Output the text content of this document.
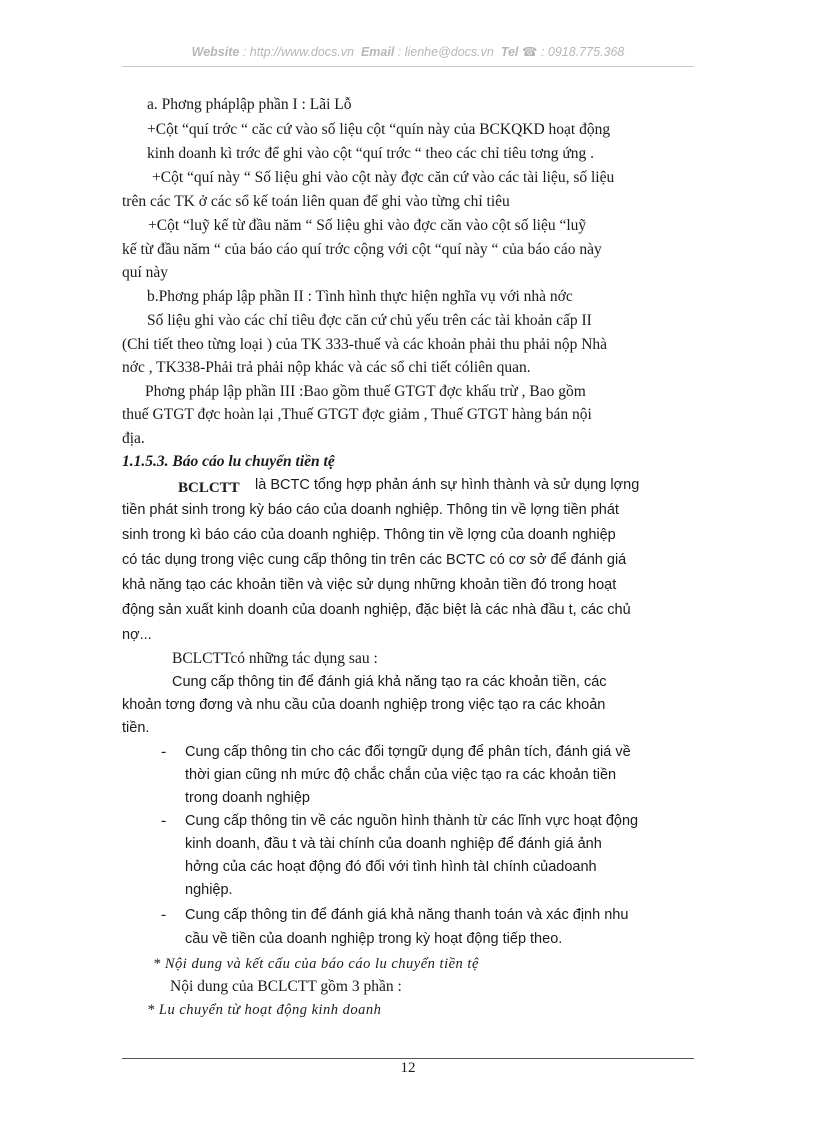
Website : http://www.docs.vn Email : lienhe@docs.vn Tel ☎ : 0918.775.368
a. Phơng pháplập phần I : Lãi Lỗ
+Cột “quí trớc “ căc cứ vào số liệu cột “quín này của BCKQKD hoạt động
kinh doanh kì trớc để ghi vào cột “quí trớc “ theo các chỉ tiêu tơng ứng .
+Cột “quí này “ Số liệu ghi vào cột này đợc căn cứ vào các tài liệu, số liệu
trên các TK ở các sổ kế toán liên quan để ghi vào từng chỉ tiêu
+Cột “luỹ kế từ đầu năm “ Số liệu ghi vào đợc căn vào cột số liệu “luỹ
kế từ đầu năm “ của báo cáo quí trớc cộng với cột “quí này “ của báo cáo này
quí này
b.Phơng pháp lập phần II : Tình hình thực hiện nghĩa vụ với nhà nớc
Số liệu ghi vào các chỉ tiêu đợc căn cứ chủ yếu trên các tài khoản cấp II
(Chi tiết theo từng loại ) của TK 333-thuế và các khoản phải thu phải nộp Nhà
nớc , TK338-Phải trả phải nộp khác và các sổ chi tiết cóliên quan.
Phơng pháp lập phần III :Bao gồm thuế GTGT đợc khấu trừ , Bao gồm
thuế GTGT đợc hoàn lại ,Thuế GTGT đợc giảm , Thuế GTGT hàng bán nội
địa.
1.1.5.3. Báo cáo lu chuyển tiền tệ
BCLCTT là BCTC tổng hợp phản ánh sự hình thành và sử dụng lợng
tiền phát sinh trong kỳ báo cáo của doanh nghiệp. Thông tin về lợng tiền phát
sinh trong kì báo cáo của doanh nghiệp. Thông tin về lợng của doanh nghiệp
có tác dụng trong việc cung cấp thông tin trên các BCTC có cơ sở để đánh giá
khả năng tạo các khoản tiền và việc sử dụng những khoản tiền đó trong hoạt
động sản xuất kinh doanh của doanh nghiệp, đặc biệt là các nhà đầu t, các chủ
nợ...
BCLCTTcó những tác dụng sau :
Cung cấp thông tin để đánh giá khả năng tạo ra các khoản tiền, các
khoản tơng đơng và nhu cầu của doanh nghiệp trong việc tạo ra các khoản
tiền.
- Cung cấp thông tin cho các đối tợngữ dụng để phân tích, đánh giá về
thời gian cũng nh mức độ chắc chắn của việc tạo ra các khoản tiền
trong doanh nghiệp
- Cung cấp thông tin về các nguồn hình thành từ các lĩnh vực hoạt động
kinh doanh, đầu t và tài chính của doanh nghiệp để đánh giá ảnh
hởng của các hoạt động đó đối với tình hình tàI chính củadoanh
nghiệp.
- Cung cấp thông tin để đánh giá khả năng thanh toán và xác định nhu
cầu về tiền của doanh nghiệp trong kỳ hoạt động tiếp theo.
* Nội dung và kết cấu của báo cáo lu chuyển tiền tệ
Nội dung của BCLCTT gồm 3 phần :
* Lu chuyển từ hoạt động kinh doanh
12
